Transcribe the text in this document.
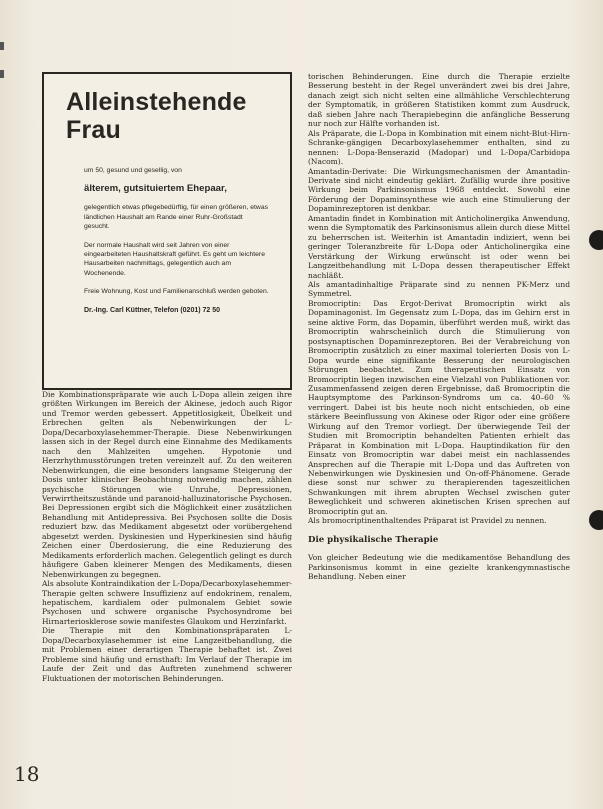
Alleinstehende
Frau

um 50, gesund und gesellig, von

älterem, gutsituiertem Ehepaar,

gelegentlich etwas pflegebedürftig, für einen größeren, etwas ländlichen Haushalt am Rande einer Ruhr-Großstadt gesucht.

Der normale Haushalt wird seit Jahren von einer eingearbeiteten Haushaltskraft geführt. Es geht um leichtere Hausarbeiten nachmittags, gelegentlich auch am Wochenende.

Freie Wohnung, Kost und Familienanschluß werden geboten.

Dr.-Ing. Carl Küttner, Telefon (0201) 72 50

Die Kombinationspräparate wie auch L-Dopa allein zeigen ihre größten Wirkungen im Bereich der Akinese, jedoch auch Rigor und Tremor werden gebessert. Appetitlosigkeit, Übelkeit und Erbrechen gelten als Nebenwirkungen der L-Dopa/Decarboxylasehemmer-Therapie. Diese Nebenwirkungen lassen sich in der Regel durch eine Einnahme des Medikaments nach den Mahlzeiten umgehen. Hypotonie und Herzrhythmusstörungen treten vereinzelt auf. Zu den weiteren Nebenwirkungen, die eine besonders langsame Steigerung der Dosis unter klinischer Beobachtung notwendig machen, zählen psychische Störungen wie Unruhe, Depressionen, Verwirrtheitszustände und paranoid-halluzinatorische Psychosen. Bei Depressionen ergibt sich die Möglichkeit einer zusätzlichen Behandlung mit Antidepressiva. Bei Psychosen sollte die Dosis reduziert bzw. das Medikament abgesetzt oder vorübergehend abgesetzt werden. Dyskinesien und Hyperkinesien sind häufig Zeichen einer Überdosierung, die eine Reduzierung des Medikaments erforderlich machen. Gelegentlich gelingt es durch häufigere Gaben kleinerer Mengen des Medikaments, diesen Nebenwirkungen zu begegnen.

Als absolute Kontraindikation der L-Dopa/Decarboxylasehemmer-Therapie gelten schwere Insuffizienz auf endokrinem, renalem, hepatischem, kardialem oder pulmonalem Gebiet sowie Psychosen und schwere organische Psychosyndrome bei Hirnarteriosklerose sowie manifestes Glaukom und Herzinfarkt.

Die Therapie mit den Kombinationspräparaten L-Dopa/Decarboxylasehemmer ist eine Langzeitbehandlung, die mit Problemen einer derartigen Therapie behaftet ist. Zwei Probleme sind häufig und ernsthaft: Im Verlauf der Therapie im Laufe der Zeit und das Auftreten zunehmend schwerer Fluktuationen der motorischen Behinderungen.

torischen Behinderungen. Eine durch die Therapie erzielte Besserung besteht in der Regel unverändert zwei bis drei Jahre, danach zeigt sich nicht selten eine allmähliche Verschlechterung der Symptomatik, in größeren Statistiken kommt zum Ausdruck, daß sieben Jahre nach Therapiebeginn die anfängliche Besserung nur noch zur Hälfte vorhanden ist.

Als Präparate, die L-Dopa in Kombination mit einem nicht-Blut-Hirn-Schranke-gängigen Decarboxylasehemmer enthalten, sind zu nennen: L-Dopa-Benserazid (Madopar) und L-Dopa/Carbidopa (Nacom).

Amantadin-Derivate: Die Wirkungsmechanismen der Amantadin-Derivate sind nicht eindeutig geklärt. Zufällig wurde ihre positive Wirkung beim Parkinsonismus 1968 entdeckt. Sowohl eine Förderung der Dopaminsynthese wie auch eine Stimulierung der Dopaminrezeptoren ist denkbar.

Amantadin findet in Kombination mit Anticholinergika Anwendung, wenn die Symptomatik des Parkinsonismus allein durch diese Mittel zu beherrschen ist. Weiterhin ist Amantadin indiziert, wenn bei geringer Toleranzbreite für L-Dopa oder Anticholinergika eine Verstärkung der Wirkung erwünscht ist oder wenn bei Langzeitbehandlung mit L-Dopa dessen therapeutischer Effekt nachläßt.

Als amantadinhaltige Präparate sind zu nennen PK-Merz und Symmetrel.

Bromocriptin: Das Ergot-Derivat Bromocriptin wirkt als Dopaminagonist. Im Gegensatz zum L-Dopa, das im Gehirn erst in seine aktive Form, das Dopamin, überführt werden muß, wirkt das Bromocriptin wahrscheinlich durch die Stimulierung von postsynaptischen Dopaminrezeptoren. Bei der Verabreichung von Bromocriptin zusätzlich zu einer maximal tolerierten Dosis von L-Dopa wurde eine signifikante Besserung der neurologischen Störungen beobachtet. Zum therapeutischen Einsatz von Bromocriptin liegen inzwischen eine Vielzahl von Publikationen vor. Zusammenfassend zeigen deren Ergebnisse, daß Bromocriptin die Hauptsymptome des Parkinson-Syndroms um ca. 40–60 % verringert. Dabei ist bis heute noch nicht entschieden, ob eine stärkere Beeinflussung von Akinese oder Rigor oder eine größere Wirkung auf den Tremor vorliegt. Der überwiegende Teil der Studien mit Bromocriptin behandelten Patienten erhielt das Präparat in Kombination mit L-Dopa. Hauptindikation für den Einsatz von Bromocriptin war dabei meist ein nachlassendes Ansprechen auf die Therapie mit L-Dopa und das Auftreten von Nebenwirkungen wie Dyskinesien und On-off-Phänomene. Gerade diese sonst nur schwer zu therapierenden tageszeitlichen Schwankungen mit ihrem abrupten Wechsel zwischen guter Beweglichkeit und schweren akinetischen Krisen sprechen auf Bromocriptin gut an.

Als bromocriptinenthaltendes Präparat ist Pravidel zu nennen.

Die physikalische Therapie

Von gleicher Bedeutung wie die medikamentöse Behandlung des Parkinsonismus kommt in eine gezielte krankengymnastische Behandlung. Neben einer

18
